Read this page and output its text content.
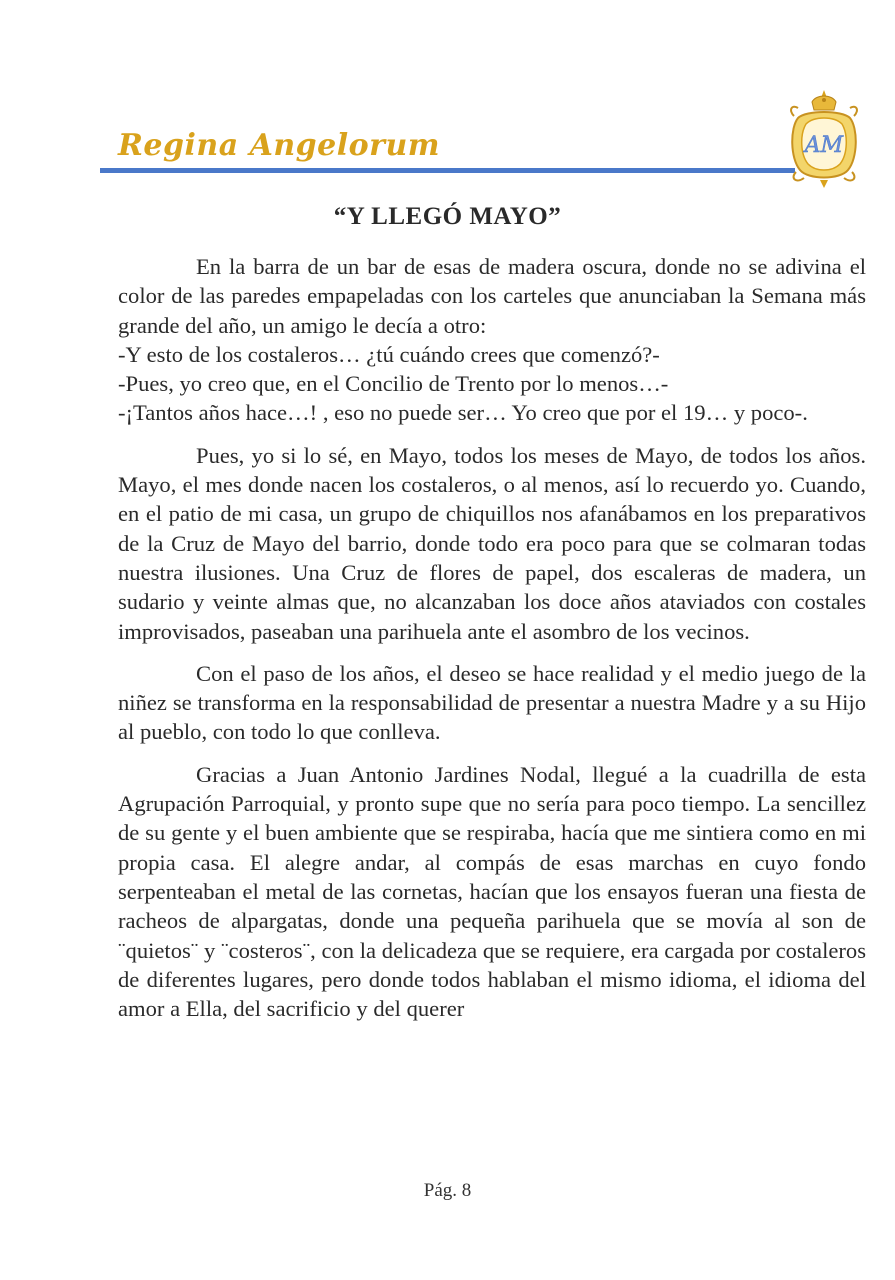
Regina Angelorum	AM
“Y LLEGÓ MAYO”

En la barra de un bar de esas de madera oscura, donde no se adivina el color de las paredes empapeladas con los carteles que anunciaban la Semana más grande del año, un amigo le decía a otro:

-Y esto de los costaleros… ¿tú cuándo crees que comenzó?-

-Pues, yo creo que, en el Concilio de Trento por lo menos…-

-¡Tantos años hace…! , eso no puede ser… Yo creo que por el 19… y poco-.

Pues, yo si lo sé, en Mayo, todos los meses de Mayo, de todos los años. Mayo, el mes donde nacen los costaleros, o al menos, así lo recuerdo yo. Cuando, en el patio de mi casa, un grupo de chiquillos nos afanábamos en los preparativos de la Cruz de Mayo del barrio, donde todo era poco para que se colmaran todas nuestra ilusiones. Una Cruz de flores de papel, dos escaleras de madera, un sudario y veinte almas que, no alcanzaban los doce años ataviados con costales improvisados, paseaban una parihuela ante el asombro de los vecinos.

Con el paso de los años, el deseo se hace realidad y el medio juego de la niñez se transforma en la responsabilidad de presentar a nuestra Madre y a su Hijo al pueblo, con todo lo que conlleva.

Gracias a Juan Antonio Jardines Nodal, llegué a la cuadrilla de esta Agrupación Parroquial, y pronto supe que no sería para poco tiempo. La sencillez de su gente y el buen ambiente que se respiraba, hacía que me sintiera como en mi propia casa. El alegre andar, al compás de esas marchas en cuyo fondo serpenteaban el metal de las cornetas, hacían que los ensayos fueran una fiesta de racheos de alpargatas, donde una pequeña parihuela que se movía al son de ¨quietos¨ y ¨costeros¨, con la delicadeza que se requiere, era cargada por costaleros de diferentes lugares, pero donde todos hablaban el mismo idioma, el idioma del amor a Ella, del sacrificio y del querer

Pág. 8
